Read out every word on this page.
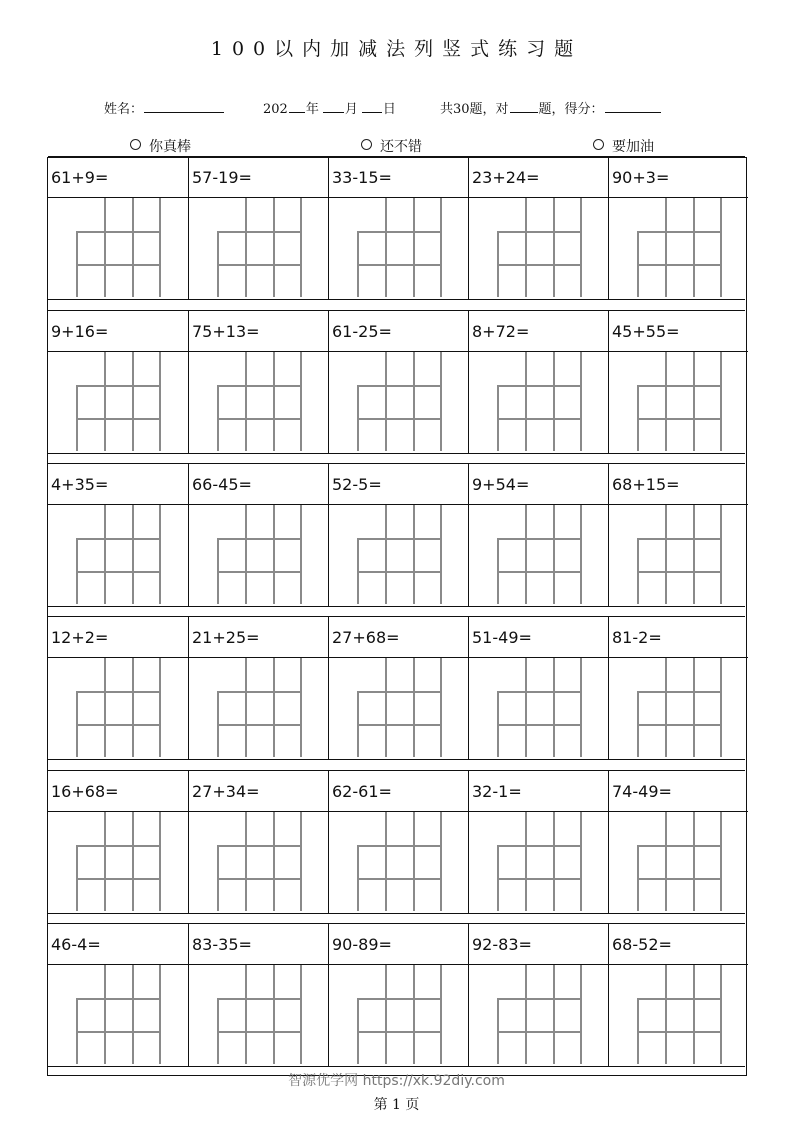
100以内加减法列竖式练习题
姓名：	202 年 月 日	共30题，对 题，得分：
你真棒	还不错	要加油
61+9=	57-19=	33-15=	23+24=	90+3=
9+16=	75+13=	61-25=	8+72=	45+55=
4+35=	66-45=	52-5=	9+54=	68+15=
12+2=	21+25=	27+68=	51-49=	81-2=
16+68=	27+34=	62-61=	32-1=	74-49=
46-4=	83-35=	90-89=	92-83=	68-52=
智源优学网 https://xk.92diy.com
第 1 页
